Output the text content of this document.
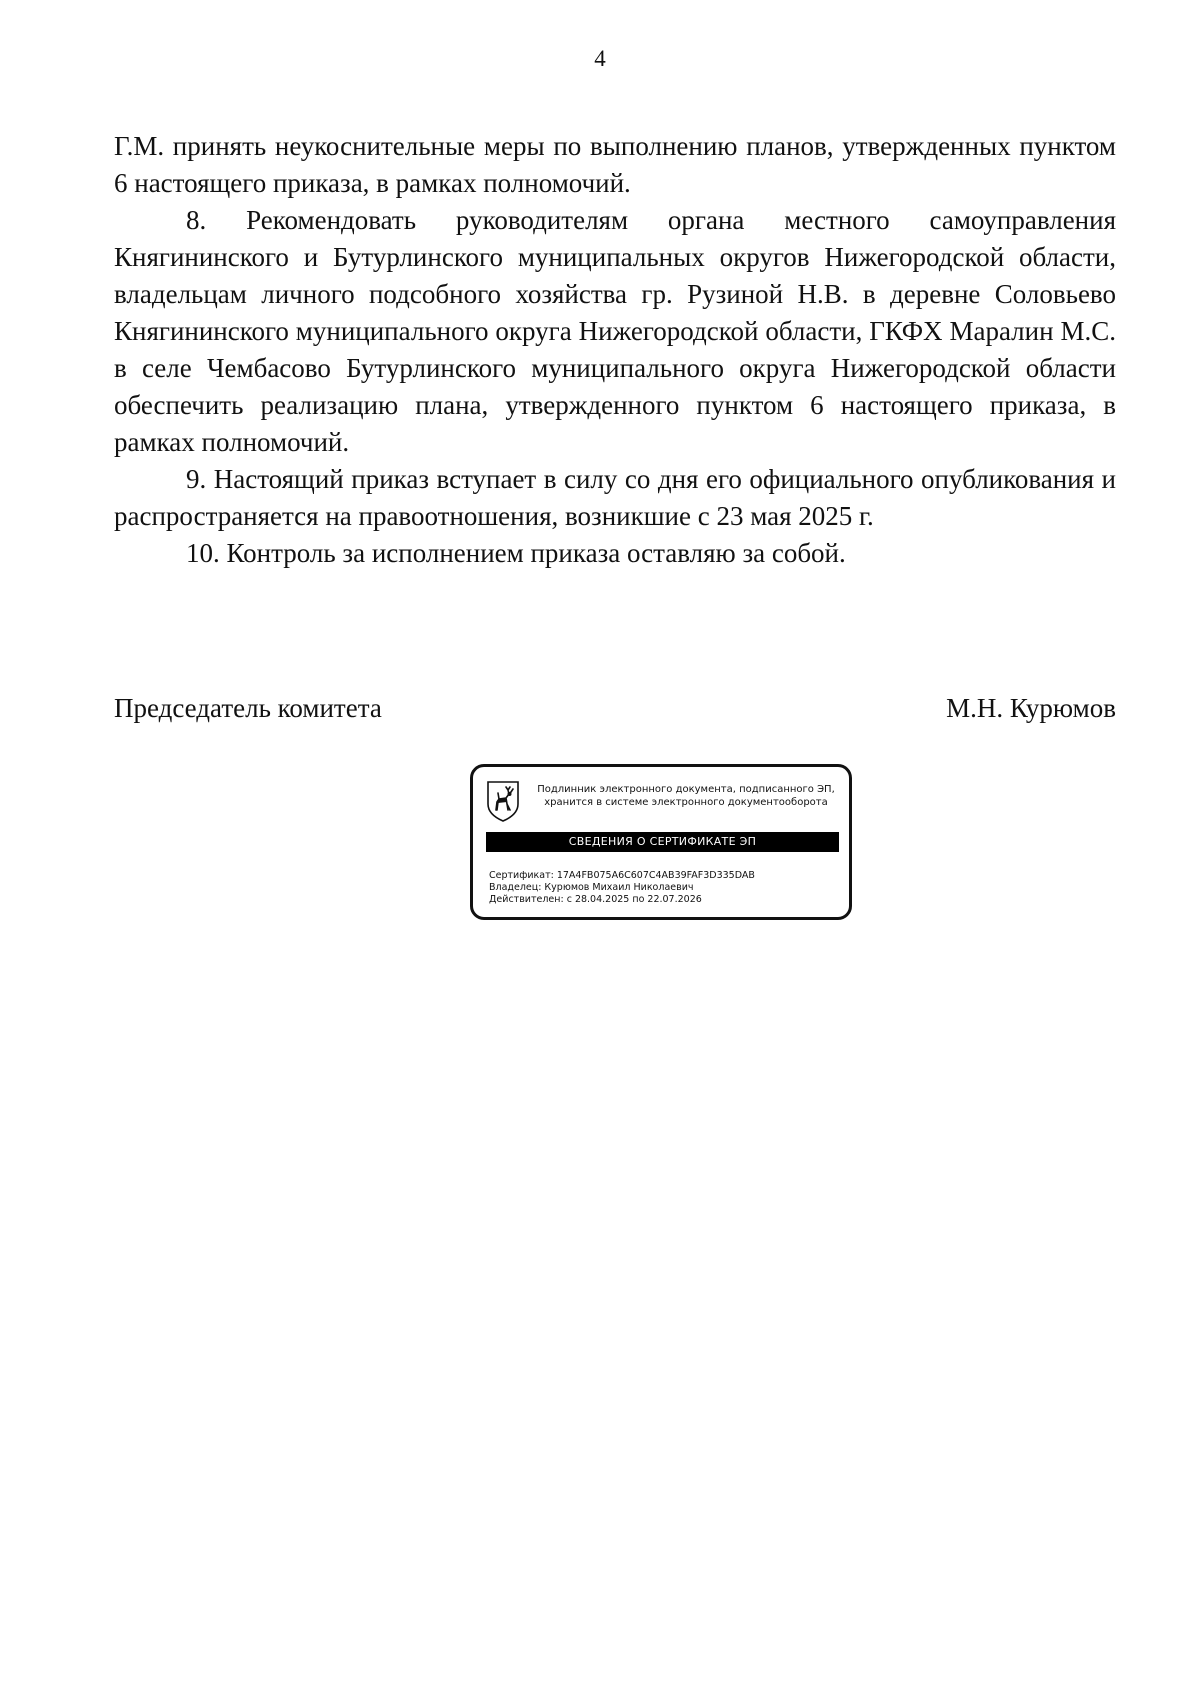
4

Г.М. принять неукоснительные меры по выполнению планов, утвержденных пунктом 6 настоящего приказа, в рамках полномочий.

8. Рекомендовать руководителям органа местного самоуправления Княгининского и Бутурлинского муниципальных округов Нижегородской области, владельцам личного подсобного хозяйства гр. Рузиной Н.В. в деревне Соловьево Княгининского муниципального округа Нижегородской области, ГКФХ Маралин М.С. в селе Чембасово Бутурлинского муниципального округа Нижегородской области обеспечить реализацию плана, утвержденного пунктом 6 настоящего приказа, в рамках полномочий.

9. Настоящий приказ вступает в силу со дня его официального опубликования и распространяется на правоотношения, возникшие с 23 мая 2025 г.

10. Контроль за исполнением приказа оставляю за собой.

Председатель комитета	М.Н. Курюмов
Подлинник электронного документа, подписанного ЭП,
хранится в системе электронного документооборота
СВЕДЕНИЯ О СЕРТИФИКАТЕ ЭП
Сертификат: 17A4FB075A6C607C4AB39FAF3D335DAB
Владелец: Курюмов Михаил Николаевич
Действителен: с 28.04.2025 по 22.07.2026
